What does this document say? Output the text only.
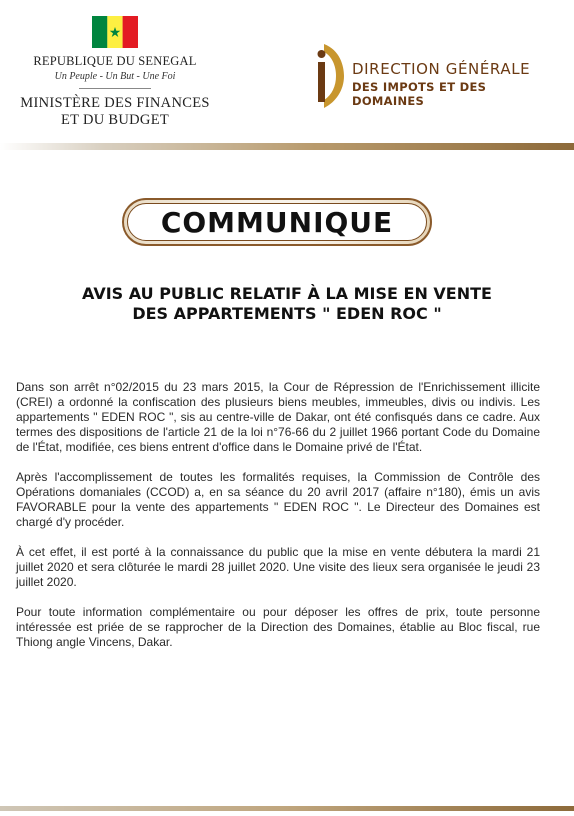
REPUBLIQUE DU SENEGAL
Un Peuple - Un But - Une Foi
MINISTÈRE DES FINANCES
ET DU BUDGET
DIRECTION GÉNÉRALE
DES IMPOTS ET DES DOMAINES
COMMUNIQUE
AVIS AU PUBLIC RELATIF À LA MISE EN VENTE
DES APPARTEMENTS " EDEN ROC "

Dans son arrêt n°02/2015 du 23 mars 2015, la Cour de Répression de l'Enrichissement illicite (CREI) a ordonné la confiscation des plusieurs biens meubles, immeubles, divis ou indivis. Les appartements " EDEN ROC ", sis au centre-ville de Dakar, ont été confisqués dans ce cadre. Aux termes des dispositions de l'article 21 de la loi n°76-66 du 2 juillet 1966 portant Code du Domaine de l'État, modifiée, ces biens entrent d'office dans le Domaine privé de l'État.

Après l'accomplissement de toutes les formalités requises, la Commission de Contrôle des Opérations domaniales (CCOD) a, en sa séance du 20 avril 2017 (affaire n°180), émis un avis FAVORABLE pour la vente des appartements " EDEN ROC ". Le Directeur des Domaines est chargé d'y procéder.

À cet effet, il est porté à la connaissance du public que la mise en vente débutera la mardi 21 juillet 2020 et sera clôturée le mardi 28 juillet 2020. Une visite des lieux sera organisée le jeudi 23 juillet 2020.

Pour toute information complémentaire ou pour déposer les offres de prix, toute personne intéressée est priée de se rapprocher de la Direction des Domaines, établie au Bloc fiscal, rue Thiong angle Vincens, Dakar.
